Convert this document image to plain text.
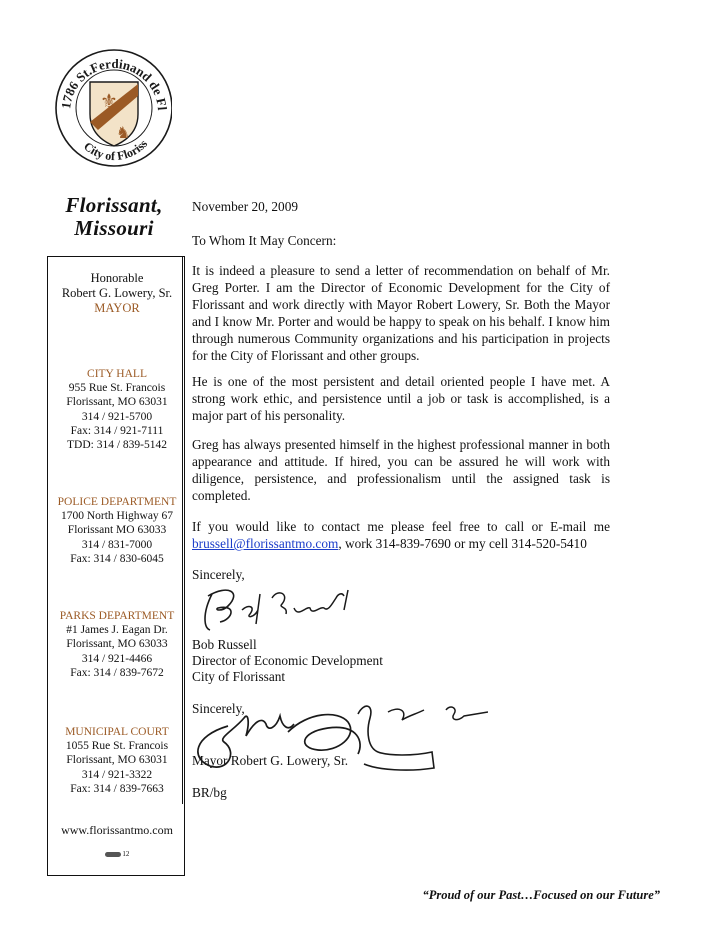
1786 St.Ferdinand de Fl
City of Floriss
⚜
♞
Florissant,
Missouri
Honorable
Robert G. Lowery, Sr.
MAYOR
CITY HALL
955 Rue St. Francois
Florissant, MO 63031
314 / 921-5700
Fax: 314 / 921-7111
TDD: 314 / 839-5142
POLICE DEPARTMENT
1700 North Highway 67
Florissant MO 63033
314 / 831-7000
Fax: 314 / 830-6045
PARKS DEPARTMENT
#1 James J. Eagan Dr.
Florissant, MO 63033
314 / 921-4466
Fax: 314 / 839-7672
MUNICIPAL COURT
1055 Rue St. Francois
Florissant, MO 63031
314 / 921-3322
Fax: 314 / 839-7663
www.florissantmo.com
12
November 20, 2009
To Whom It May Concern:
It is indeed a pleasure to send a letter of recommendation on behalf of Mr. Greg Porter. I am the Director of Economic Development for the City of Florissant and work directly with Mayor Robert Lowery, Sr. Both the Mayor and I know Mr. Porter and would be happy to speak on his behalf. I know him through numerous Community organizations and his participation in projects for the City of Florissant and other groups.
He is one of the most persistent and detail oriented people I have met. A strong work ethic, and persistence until a job or task is accomplished, is a major part of his personality.
Greg has always presented himself in the highest professional manner in both appearance and attitude. If hired, you can be assured he will work with diligence, persistence, and professionalism until the assigned task is completed.
If you would like to contact me please feel free to call or E-mail me brussell@florissantmo.com, work 314-839-7690 or my cell 314-520-5410
Sincerely,
Bob Russell
Director of Economic Development
City of Florissant
Sincerely,
Mayor Robert G. Lowery, Sr.
BR/bg
“Proud of our Past…Focused on our Future”
